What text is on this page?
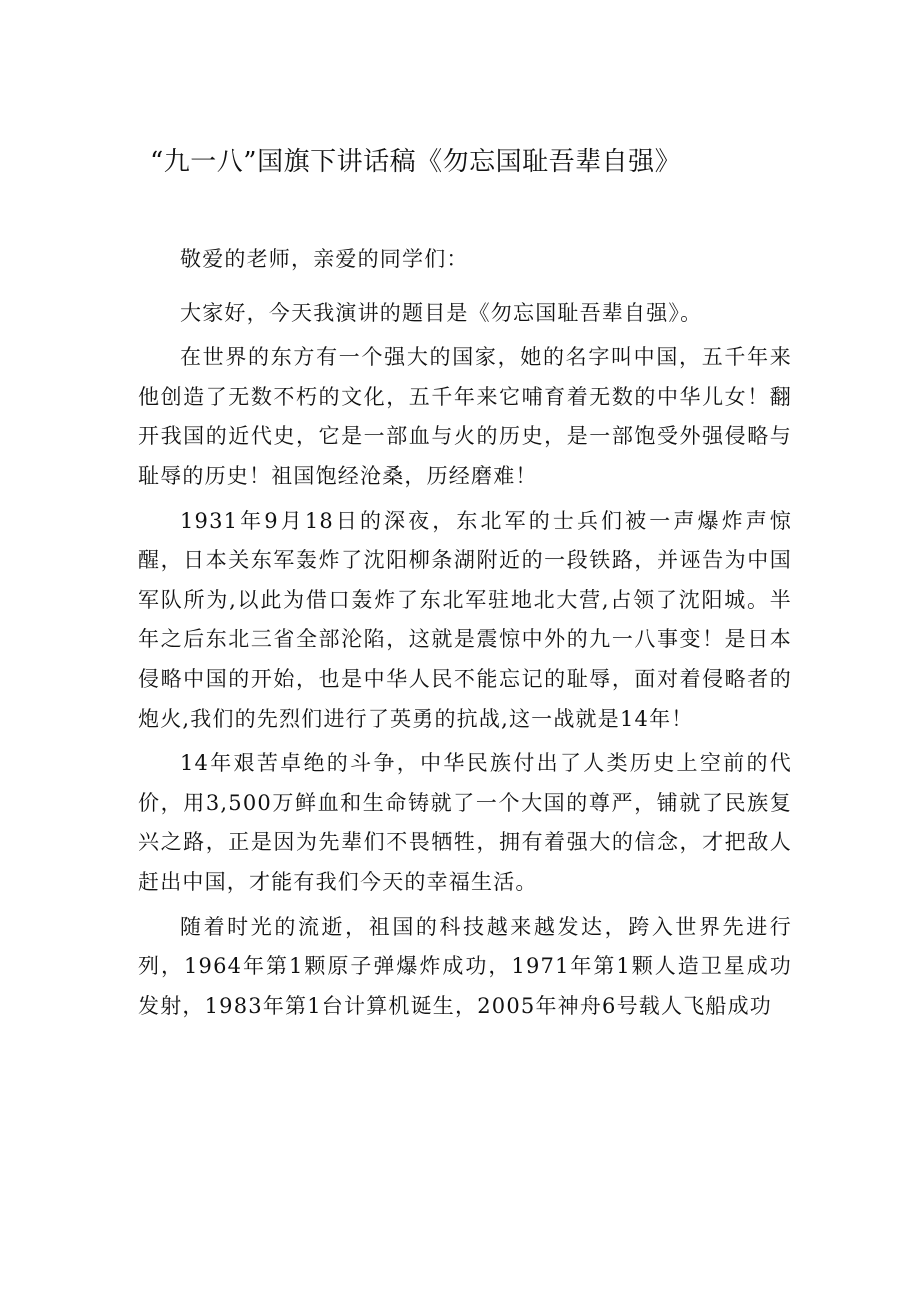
“九一八”国旗下讲话稿《勿忘国耻吾辈自强》

敬爱的老师，亲爱的同学们：

大家好，今天我演讲的题目是《勿忘国耻吾辈自强》。

在世界的东方有一个强大的国家，她的名字叫中国，五千年来他创造了无数不朽的文化，五千年来它哺育着无数的中华儿女！翻开我国的近代史，它是一部血与火的历史，是一部饱受外强侵略与耻辱的历史！祖国饱经沧桑，历经磨难！

1931年9月18日的深夜，东北军的士兵们被一声爆炸声惊醒，日本关东军轰炸了沈阳柳条湖附近的一段铁路，并诬告为中国军队所为,以此为借口轰炸了东北军驻地北大营,占领了沈阳城。半年之后东北三省全部沦陷，这就是震惊中外的九一八事变！是日本侵略中国的开始，也是中华人民不能忘记的耻辱，面对着侵略者的炮火,我们的先烈们进行了英勇的抗战,这一战就是14年！

14年艰苦卓绝的斗争，中华民族付出了人类历史上空前的代价，用3,500万鲜血和生命铸就了一个大国的尊严，铺就了民族复兴之路，正是因为先辈们不畏牺牲，拥有着强大的信念，才把敌人赶出中国，才能有我们今天的幸福生活。

随着时光的流逝，祖国的科技越来越发达，跨入世界先进行列，1964年第1颗原子弹爆炸成功，1971年第1颗人造卫星成功发射，1983年第1台计算机诞生，2005年神舟6号载人飞船成功
